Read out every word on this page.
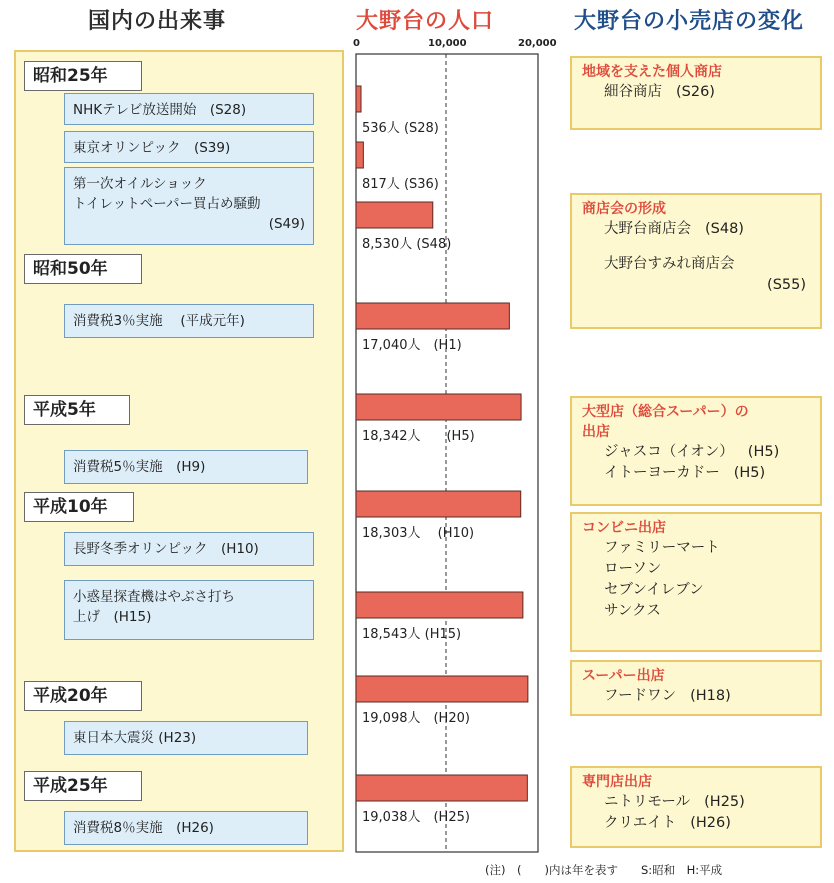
国内の出来事	大野台の人口	大野台の小売店の変化
昭和25年
NHKテレビ放送開始　(S28)
東京オリンピック　(S39)
第一次オイルショック
トイレットペーパー買占め騒動
(S49)
昭和50年
消費税3％実施　 (平成元年)
平成5年
消費税5％実施　(H9)
平成10年
長野冬季オリンピック　(H10)
小惑星探査機はやぶさ打ち
上げ　(H15)
平成20年
東日本大震災 (H23)
平成25年
消費税8％実施　(H26)
536人 (S28)
817人 (S36)
8,530人 (S48)
17,040人　(H1)
18,342人　　(H5)
18,303人　 (H10)
18,543人 (H15)
19,098人　(H20)
19,038人　(H25)
地域を支えた個人商店
細谷商店 (S26)
商店会の形成
大野台商店会 (S48)
大野台すみれ商店会
(S55)
大型店（総合スーパー）の
出店
ジャスコ（イオン） (H5)
イトーヨーカドー (H5)
コンビニ出店
ファミリーマート
ローソン
セブンイレブン
サンクス
スーパー出店
フードワン (H18)
専門店出店
ニトリモール (H25)
クリエイト (H26)
(注)　(　　)内は年を表す　　S:昭和　H:平成
0	10,000	20,000
